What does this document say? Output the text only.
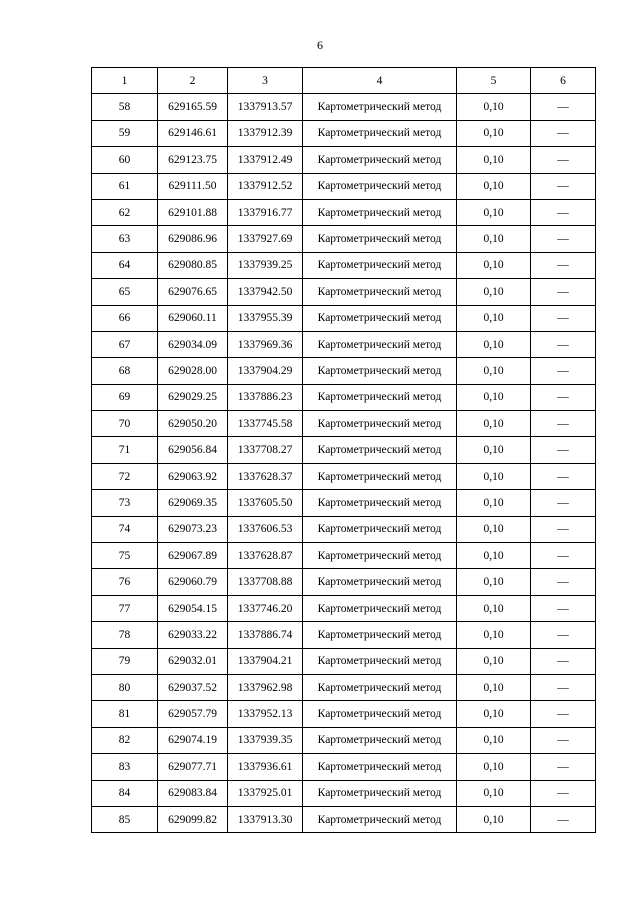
6
1	2	3	4	5	6
58	629165.59	1337913.57	Картометрический метод	0,10	—
59	629146.61	1337912.39	Картометрический метод	0,10	—
60	629123.75	1337912.49	Картометрический метод	0,10	—
61	629111.50	1337912.52	Картометрический метод	0,10	—
62	629101.88	1337916.77	Картометрический метод	0,10	—
63	629086.96	1337927.69	Картометрический метод	0,10	—
64	629080.85	1337939.25	Картометрический метод	0,10	—
65	629076.65	1337942.50	Картометрический метод	0,10	—
66	629060.11	1337955.39	Картометрический метод	0,10	—
67	629034.09	1337969.36	Картометрический метод	0,10	—
68	629028.00	1337904.29	Картометрический метод	0,10	—
69	629029.25	1337886.23	Картометрический метод	0,10	—
70	629050.20	1337745.58	Картометрический метод	0,10	—
71	629056.84	1337708.27	Картометрический метод	0,10	—
72	629063.92	1337628.37	Картометрический метод	0,10	—
73	629069.35	1337605.50	Картометрический метод	0,10	—
74	629073.23	1337606.53	Картометрический метод	0,10	—
75	629067.89	1337628.87	Картометрический метод	0,10	—
76	629060.79	1337708.88	Картометрический метод	0,10	—
77	629054.15	1337746.20	Картометрический метод	0,10	—
78	629033.22	1337886.74	Картометрический метод	0,10	—
79	629032.01	1337904.21	Картометрический метод	0,10	—
80	629037.52	1337962.98	Картометрический метод	0,10	—
81	629057.79	1337952.13	Картометрический метод	0,10	—
82	629074.19	1337939.35	Картометрический метод	0,10	—
83	629077.71	1337936.61	Картометрический метод	0,10	—
84	629083.84	1337925.01	Картометрический метод	0,10	—
85	629099.82	1337913.30	Картометрический метод	0,10	—
